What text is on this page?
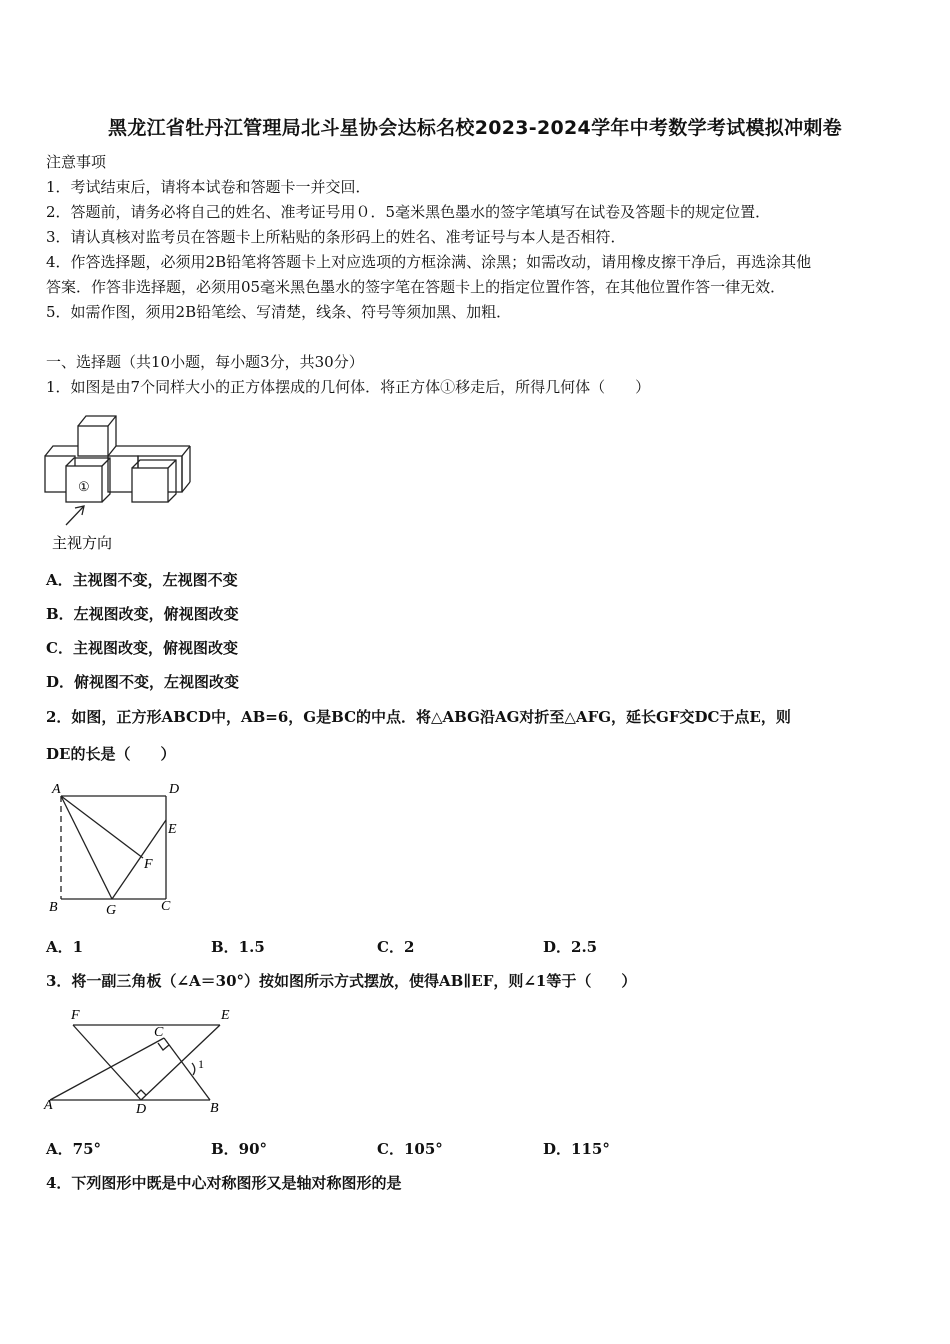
黑龙江省牡丹江管理局北斗星协会达标名校2023-2024学年中考数学考试模拟冲刺卷
注意事项
1．考试结束后，请将本试卷和答题卡一并交回．
2．答题前，请务必将自己的姓名、准考证号用０．5毫米黑色墨水的签字笔填写在试卷及答题卡的规定位置．
3．请认真核对监考员在答题卡上所粘贴的条形码上的姓名、准考证号与本人是否相符．
4．作答选择题，必须用2B铅笔将答题卡上对应选项的方框涂满、涂黑；如需改动，请用橡皮擦干净后，再选涂其他
答案．作答非选择题，必须用05毫米黑色墨水的签字笔在答题卡上的指定位置作答，在其他位置作答一律无效．
5．如需作图，须用2B铅笔绘、写清楚，线条、符号等须加黑、加粗．
一、选择题（共10小题，每小题3分，共30分）
1．如图是由7个同样大小的正方体摆成的几何体．将正方体①移走后，所得几何体（　　）
①
主视方向
A．主视图不变，左视图不变
B．左视图改变，俯视图改变
C．主视图改变，俯视图改变
D．俯视图不变，左视图改变
2．如图，正方形ABCD中，AB=6，G是BC的中点．将△ABG沿AG对折至△AFG，延长GF交DC于点E，则
DE的长是（　　）
A	D
E
F
B	G	C
A．1	B．1.5	C．2	D．2.5
3．将一副三角板（∠A＝30°）按如图所示方式摆放，使得AB∥EF，则∠1等于（　　）
F	E
C
A	D	B
1
A．75°	B．90°	C．105°	D．115°
4．下列图形中既是中心对称图形又是轴对称图形的是
